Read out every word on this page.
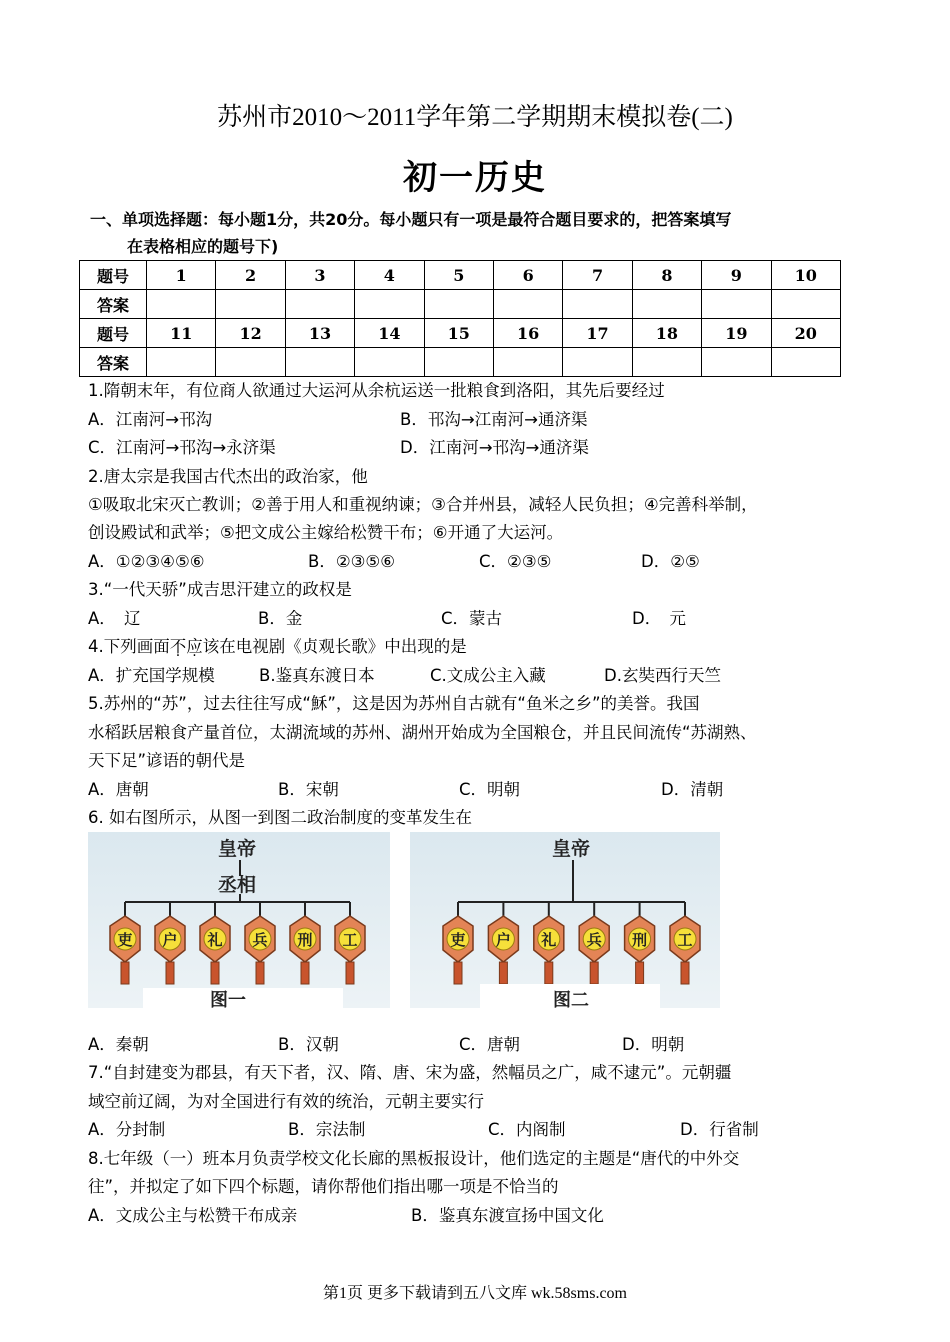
苏州市2010～2011学年第二学期期末模拟卷(二)
初一历史
一、单项选择题：每小题1分，共20分。每小题只有一项是最符合题目要求的，把答案填写
在表格相应的题号下)
题号	1	2	3	4	5	6	7	8	9	10
答案										
题号	11	12	13	14	15	16	17	18	19	20
答案										
1.隋朝末年，有位商人欲通过大运河从余杭运送一批粮食到洛阳，其先后要经过
A．江南河→邗沟	B．邗沟→江南河→通济渠
C．江南河→邗沟→永济渠	D．江南河→邗沟→通济渠
2.唐太宗是我国古代杰出的政治家，他
①吸取北宋灭亡教训；②善于用人和重视纳谏；③合并州县，减轻人民负担；④完善科举制，
创设殿试和武举；⑤把文成公主嫁给松赞干布；⑥开通了大运河。
A．①②③④⑤⑥	B．②③⑤⑥	C．②③⑤	D．②⑤
3.“一代天骄”成吉思汗建立的政权是
A．　辽	B．金	C．蒙古	D．　元
4.下列画面不应该在电视剧《贞观长歌》中出现的是
A．扩充国学规模	B.鉴真东渡日本	C.文成公主入藏	D.玄奘西行天竺
5.苏州的“苏”，过去往往写成“穌”，这是因为苏州自古就有“鱼米之乡”的美誉。我国
水稻跃居粮食产量首位，太湖流域的苏州、湖州开始成为全国粮仓，并且民间流传“苏湖熟、
天下足”谚语的朝代是
A．唐朝	B．宋朝	C．明朝	D．清朝
6. 如右图所示，从图一到图二政治制度的变革发生在
吏 户 礼 兵 刑 工
皇帝
丞相
图一
吏 户 礼 兵 刑 工
皇帝
图二
A．秦朝	B．汉朝	C．唐朝	D．明朝
7.“自封建变为郡县，有天下者，汉、隋、唐、宋为盛，然幅员之广，咸不逮元”。元朝疆
域空前辽阔，为对全国进行有效的统治，元朝主要实行
A．分封制	B．宗法制	C．内阁制	D．行省制
8.七年级（一）班本月负责学校文化长廊的黑板报设计，他们选定的主题是“唐代的中外交
往”，并拟定了如下四个标题，请你帮他们指出哪一项是不恰当的
A．文成公主与松赞干布成亲	B．鉴真东渡宣扬中国文化
第1页 更多下载请到五八文库 wk.58sms.com
